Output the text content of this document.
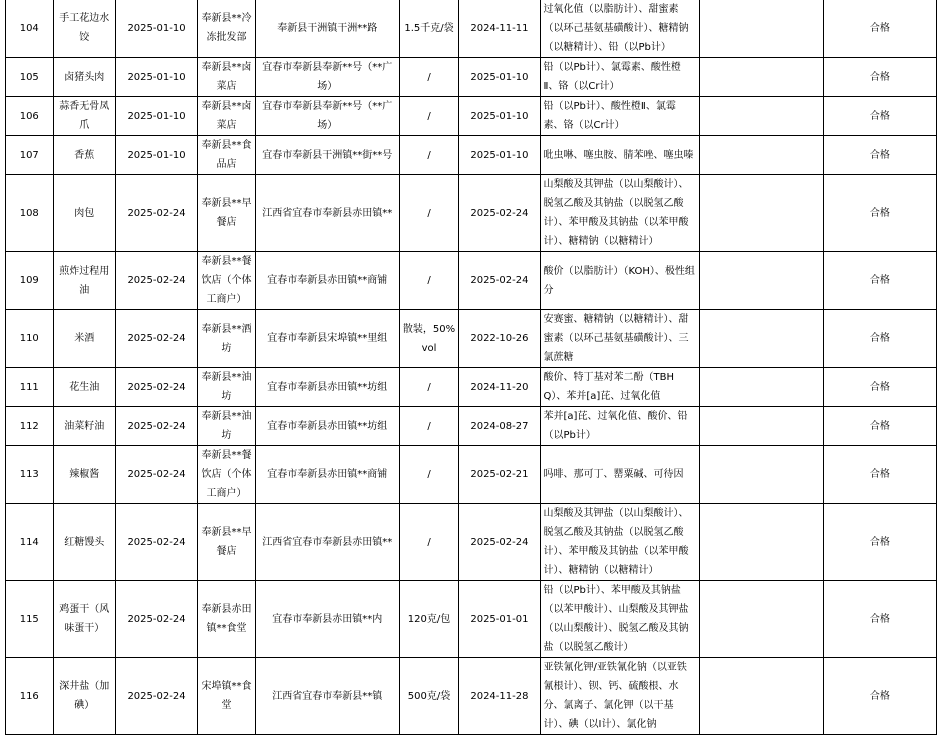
104	手工花边水饺	2025-01-10	奉新县**冷冻批发部	奉新县干洲镇干洲**路	1.5千克/袋	2024-11-11	过氧化值（以脂肪计）、甜蜜素（以环己基氨基磺酸计）、糖精钠（以糖精计）、铅（以Pb计）		合格
105	卤猪头肉	2025-01-10	奉新县**卤菜店	宜春市奉新县奉新**号（**广场）	/	2025-01-10	铅（以Pb计）、氯霉素、酸性橙Ⅱ、铬（以Cr计）		合格
106	蒜香无骨凤爪	2025-01-10	奉新县**卤菜店	宜春市奉新县奉新**号（**广场）	/	2025-01-10	铅（以Pb计）、酸性橙Ⅱ、氯霉素、铬（以Cr计）		合格
107	香蕉	2025-01-10	奉新县**食品店	宜春市奉新县干洲镇**街**号	/	2025-01-10	吡虫啉、噻虫胺、腈苯唑、噻虫嗪		合格
108	肉包	2025-02-24	奉新县**早餐店	江西省宜春市奉新县赤田镇**	/	2025-02-24	山梨酸及其钾盐（以山梨酸计）、脱氢乙酸及其钠盐（以脱氢乙酸计）、苯甲酸及其钠盐（以苯甲酸计）、糖精钠（以糖精计）		合格
109	煎炸过程用油	2025-02-24	奉新县**餐饮店（个体工商户）	宜春市奉新县赤田镇**商铺	/	2025-02-24	酸价（以脂肪计）（KOH）、极性组分		合格
110	米酒	2025-02-24	奉新县**酒坊	宜春市奉新县宋埠镇**里组	散装，50%vol	2022-10-26	安赛蜜、糖精钠（以糖精计）、甜蜜素（以环己基氨基磺酸计）、三氯蔗糖		合格
111	花生油	2025-02-24	奉新县**油坊	宜春市奉新县赤田镇**坊组	/	2024-11-20	酸价、特丁基对苯二酚（TBHQ）、苯并[a]芘、过氧化值		合格
112	油菜籽油	2025-02-24	奉新县**油坊	宜春市奉新县赤田镇**坊组	/	2024-08-27	苯并[a]芘、过氧化值、酸价、铅（以Pb计）		合格
113	辣椒酱	2025-02-24	奉新县**餐饮店（个体工商户）	宜春市奉新县赤田镇**商铺	/	2025-02-21	吗啡、那可丁、罂粟碱、可待因		合格
114	红糖馒头	2025-02-24	奉新县**早餐店	江西省宜春市奉新县赤田镇**	/	2025-02-24	山梨酸及其钾盐（以山梨酸计）、脱氢乙酸及其钠盐（以脱氢乙酸计）、苯甲酸及其钠盐（以苯甲酸计）、糖精钠（以糖精计）		合格
115	鸡蛋干（风味蛋干）	2025-02-24	奉新县赤田镇**食堂	宜春市奉新县赤田镇**内	120克/包	2025-01-01	铅（以Pb计）、苯甲酸及其钠盐（以苯甲酸计）、山梨酸及其钾盐（以山梨酸计）、脱氢乙酸及其钠盐（以脱氢乙酸计）		合格
116	深井盐（加碘）	2025-02-24	宋埠镇**食堂	江西省宜春市奉新县**镇	500克/袋	2024-11-28	亚铁氰化钾/亚铁氰化钠（以亚铁氰根计）、钡、钙、硫酸根、水分、氯离子、氯化钾（以干基计）、碘（以I计）、氯化钠		合格
